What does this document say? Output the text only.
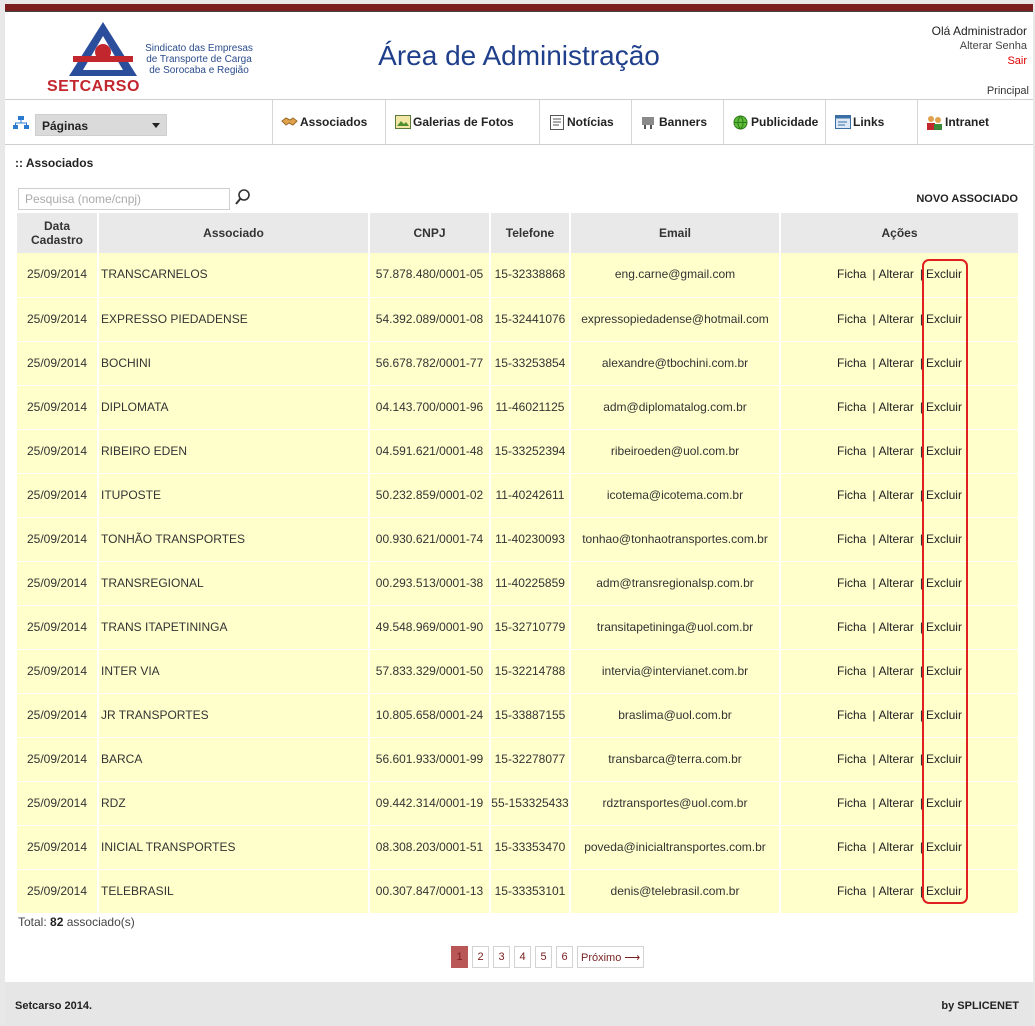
SETCARSO
Sindicato das Empresas
de Transporte de Carga
de Sorocaba e Região	Área de Administração
Olá Administrador
Alterar Senha
Sair
Principal
Páginas	Associados	Galerias de Fotos	Notícias	Banners	Publicidade	Links	Intranet
:: Associados
Pesquisa (nome/cnpj)
NOVO ASSOCIADO
Data Cadastro	Associado	CNPJ	Telefone	Email	Ações
25/09/2014	TRANSCARNELOS	57.878.480/0001-05	15-32338868	eng.carne@gmail.com	Ficha | Alterar | Excluir
25/09/2014	EXPRESSO PIEDADENSE	54.392.089/0001-08	15-32441076	expressopiedadense@hotmail.com	Ficha | Alterar | Excluir
25/09/2014	BOCHINI	56.678.782/0001-77	15-33253854	alexandre@tbochini.com.br	Ficha | Alterar | Excluir
25/09/2014	DIPLOMATA	04.143.700/0001-96	11-46021125	adm@diplomatalog.com.br	Ficha | Alterar | Excluir
25/09/2014	RIBEIRO EDEN	04.591.621/0001-48	15-33252394	ribeiroeden@uol.com.br	Ficha | Alterar | Excluir
25/09/2014	ITUPOSTE	50.232.859/0001-02	11-40242611	icotema@icotema.com.br	Ficha | Alterar | Excluir
25/09/2014	TONHÃO TRANSPORTES	00.930.621/0001-74	11-40230093	tonhao@tonhaotransportes.com.br	Ficha | Alterar | Excluir
25/09/2014	TRANSREGIONAL	00.293.513/0001-38	11-40225859	adm@transregionalsp.com.br	Ficha | Alterar | Excluir
25/09/2014	TRANS ITAPETININGA	49.548.969/0001-90	15-32710779	transitapetininga@uol.com.br	Ficha | Alterar | Excluir
25/09/2014	INTER VIA	57.833.329/0001-50	15-32214788	intervia@intervianet.com.br	Ficha | Alterar | Excluir
25/09/2014	JR TRANSPORTES	10.805.658/0001-24	15-33887155	braslima@uol.com.br	Ficha | Alterar | Excluir
25/09/2014	BARCA	56.601.933/0001-99	15-32278077	transbarca@terra.com.br	Ficha | Alterar | Excluir
25/09/2014	RDZ	09.442.314/0001-19	55-153325433	rdztransportes@uol.com.br	Ficha | Alterar | Excluir
25/09/2014	INICIAL TRANSPORTES	08.308.203/0001-51	15-33353470	poveda@inicialtransportes.com.br	Ficha | Alterar | Excluir
25/09/2014	TELEBRASIL	00.307.847/0001-13	15-33353101	denis@telebrasil.com.br	Ficha | Alterar | Excluir
Total: 82 associado(s)
1	2	3	4	5	6	Próximo ⟶
Setcarso 2014.	by SPLICENET
